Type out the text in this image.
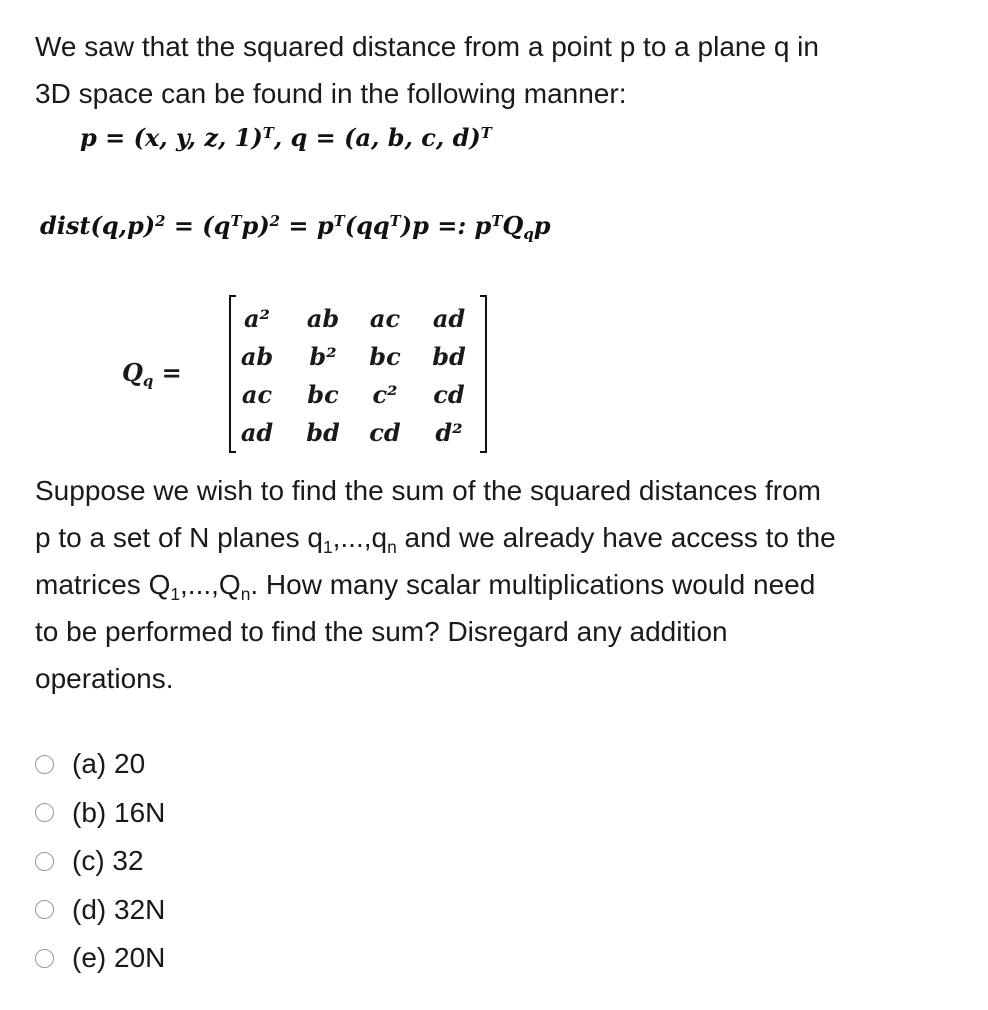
We saw that the squared distance from a point p to a plane q in
3D space can be found in the following manner:

p = (x, y, z, 1)$^T$, q = (a, b, c, d)$^T$
$dist(q,p)^2 = (q^Tp)^2 = p^T(qq^T)p$ =: $p^TQ_qp$
$Q_q$ =
a²	ab	ac	ad
ab	b²	bc	bd
ac	bc	c²	cd
ad	bd	cd	d²

Suppose we wish to find the sum of the squared distances from
p to a set of N planes $q_1,...,q_n$ and we already have access to the
matrices $Q_1,...,Q_n$. How many scalar multiplications would need
to be performed to find the sum? Disregard any addition
operations.

(a) 20
(b) 16N
(c) 32
(d) 32N
(e) 20N
